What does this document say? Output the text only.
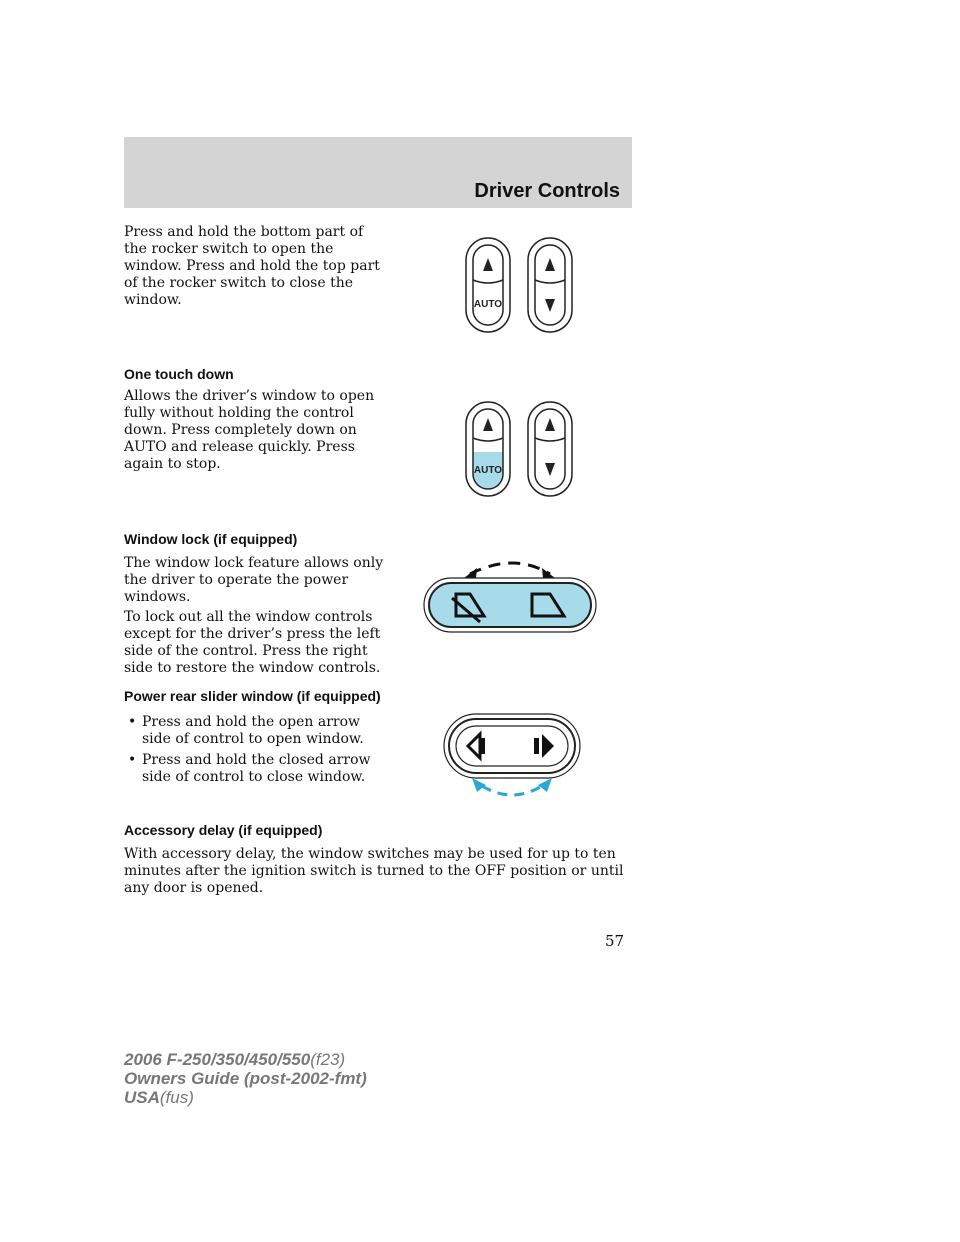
Driver Controls

Press and hold the bottom part of the rocker switch to open the window. Press and hold the top part of the rocker switch to close the window.	AUTO

One touch down

Allows the driver’s window to open fully without holding the control down. Press completely down on AUTO and release quickly. Press again to stop.	AUTO

Window lock (if equipped)

The window lock feature allows only the driver to operate the power windows.

To lock out all the window controls except for the driver’s press the left side of the control. Press the right side to restore the window controls.

Power rear slider window (if equipped)

• Press and hold the open arrow side of control to open window.
• Press and hold the closed arrow side of control to close window.

Accessory delay (if equipped)

With accessory delay, the window switches may be used for up to ten minutes after the ignition switch is turned to the OFF position or until any door is opened.

57
2006 F-250/350/450/550(f23)
Owners Guide (post-2002-fmt)
USA(fus)
